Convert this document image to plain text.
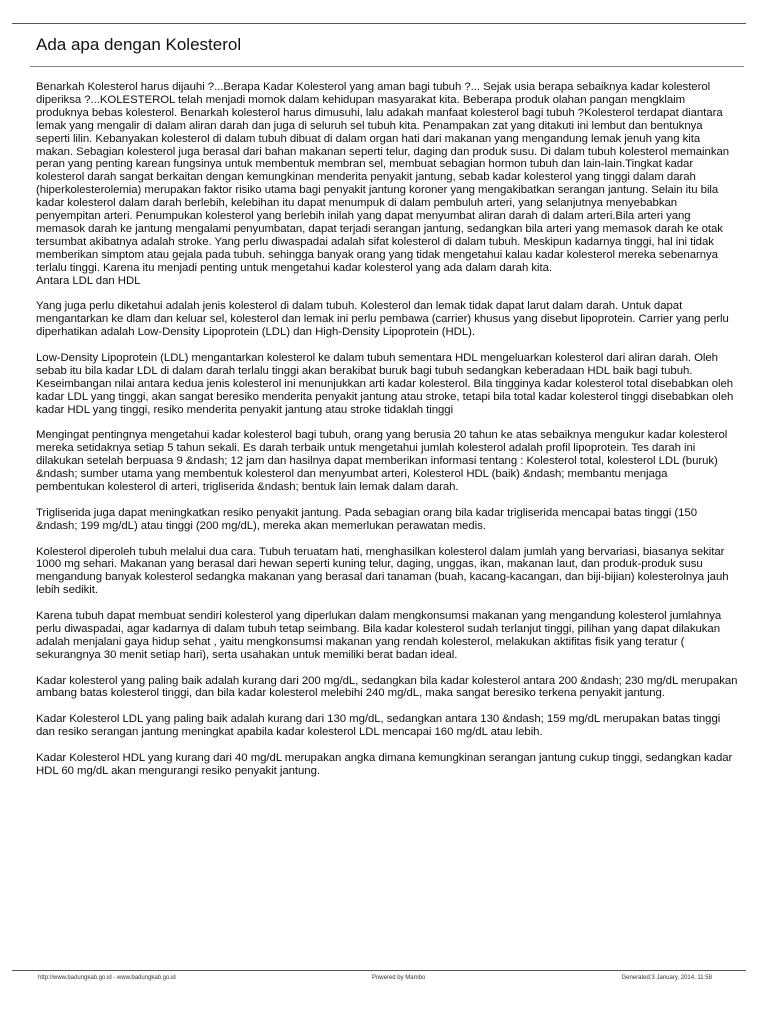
Ada apa dengan Kolesterol

Benarkah Kolesterol harus dijauhi ?...Berapa Kadar Kolesterol yang aman bagi tubuh ?... Sejak usia berapa sebaiknya kadar kolesterol diperiksa ?...KOLESTEROL telah menjadi momok dalam kehidupan masyarakat kita. Beberapa produk olahan pangan mengklaim produknya bebas kolesterol. Benarkah kolesterol harus dimusuhi, lalu adakah manfaat kolesterol bagi tubuh ?Kolesterol terdapat diantara lemak yang mengalir di dalam aliran darah dan juga di seluruh sel tubuh kita. Penampakan zat yang ditakuti ini lembut dan bentuknya seperti lilin. Kebanyakan kolesterol di dalam tubuh dibuat di dalam organ hati dari makanan yang mengandung lemak jenuh yang kita makan. Sebagian kolesterol juga berasal dari bahan makanan seperti telur, daging dan produk susu. Di dalam tubuh kolesterol memainkan peran yang penting karean fungsinya untuk membentuk membran sel, membuat sebagian hormon tubuh dan lain-lain.Tingkat kadar kolesterol darah sangat berkaitan dengan kemungkinan menderita penyakit jantung, sebab kadar kolesterol yang tinggi dalam darah (hiperkolesterolemia) merupakan faktor risiko utama bagi penyakit jantung koroner yang mengakibatkan serangan jantung. Selain itu bila kadar kolesterol dalam darah berlebih, kelebihan itu dapat menumpuk di dalam pembuluh arteri, yang selanjutnya menyebabkan penyempitan arteri. Penumpukan kolesterol yang berlebih inilah yang dapat menyumbat aliran darah di dalam arteri.Bila arteri yang memasok darah ke jantung mengalami penyumbatan, dapat terjadi serangan jantung, sedangkan bila arteri yang memasok darah ke otak tersumbat akibatnya adalah stroke. Yang perlu diwaspadai adalah sifat kolesterol di dalam tubuh. Meskipun kadarnya tinggi, hal ini tidak memberikan simptom atau gejala pada tubuh. sehingga banyak orang yang tidak mengetahui kalau kadar kolesterol mereka sebenarnya terlalu tinggi. Karena itu menjadi penting untuk mengetahui kadar kolesterol yang ada dalam darah kita.

Antara LDL dan HDL

Yang juga perlu diketahui adalah jenis kolesterol di dalam tubuh. Kolesterol dan lemak tidak dapat larut dalam darah. Untuk dapat mengantarkan ke dlam dan keluar sel, kolesterol dan lemak ini perlu pembawa (carrier) khusus yang disebut lipoprotein. Carrier yang perlu diperhatikan adalah Low-Density Lipoprotein (LDL) dan High-Density Lipoprotein (HDL).

Low-Density Lipoprotein (LDL) mengantarkan kolesterol ke dalam tubuh sementara HDL mengeluarkan kolesterol dari aliran darah. Oleh sebab itu bila kadar LDL di dalam darah terlalu tinggi akan berakibat buruk bagi tubuh sedangkan keberadaan HDL baik bagi tubuh. Keseimbangan nilai antara kedua jenis kolesterol ini menunjukkan arti kadar kolesterol. Bila tingginya kadar kolesterol total disebabkan oleh kadar LDL yang tinggi, akan sangat beresiko menderita penyakit jantung atau stroke, tetapi bila total kadar kolesterol tinggi disebabkan oleh kadar HDL yang tinggi, resiko menderita penyakit jantung atau stroke tidaklah tinggi

Mengingat pentingnya mengetahui kadar kolesterol bagi tubuh, orang yang berusia 20 tahun ke atas sebaiknya mengukur kadar kolesterol mereka setidaknya setiap 5 tahun sekali. Es darah terbaik untuk mengetahui jumlah kolesterol adalah profil lipoprotein. Tes darah ini dilakukan setelah berpuasa 9 &ndash; 12 jam dan hasilnya dapat memberikan informasi tentang : Kolesterol total, kolesterol LDL (buruk) &ndash; sumber utama yang membentuk kolesterol dan menyumbat arteri, Kolesterol HDL (baik) &ndash; membantu menjaga pembentukan kolesterol di arteri, trigliserida &ndash; bentuk lain lemak dalam darah.

Trigliserida juga dapat meningkatkan resiko penyakit jantung. Pada sebagian orang bila kadar trigliserida mencapai batas tinggi (150 &ndash; 199 mg/dL) atau tinggi (200 mg/dL), mereka akan memerlukan perawatan medis.

Kolesterol diperoleh tubuh melalui dua cara. Tubuh teruatam hati, menghasilkan kolesterol dalam jumlah yang bervariasi, biasanya sekitar 1000 mg sehari. Makanan yang berasal dari hewan seperti kuning telur, daging, unggas, ikan, makanan laut, dan produk-produk susu mengandung banyak kolesterol sedangka makanan yang berasal dari tanaman (buah, kacang-kacangan, dan biji-bijian) kolesterolnya jauh lebih sedikit.

Karena tubuh dapat membuat sendiri kolesterol yang diperlukan dalam mengkonsumsi makanan yang mengandung kolesterol jumlahnya perlu diwaspadai, agar kadarnya di dalam tubuh tetap seimbang. Bila kadar kolesterol sudah terlanjut tinggi, pilihan yang dapat dilakukan adalah menjalani gaya hidup sehat , yaitu mengkonsumsi makanan yang rendah kolesterol, melakukan aktifitas fisik yang teratur ( sekurangnya 30 menit setiap hari), serta usahakan untuk memiliki berat badan ideal.

Kadar kolesterol yang paling baik adalah kurang dari 200 mg/dL, sedangkan bila kadar kolesterol antara 200 &ndash; 230 mg/dL merupakan ambang batas kolesterol tinggi, dan bila kadar kolesterol melebihi 240 mg/dL, maka sangat beresiko terkena penyakit jantung.

Kadar Kolesterol LDL yang paling baik adalah kurang dari 130 mg/dL, sedangkan antara 130 &ndash; 159 mg/dL merupakan batas tinggi dan resiko serangan jantung meningkat apabila kadar kolesterol LDL mencapai 160 mg/dL atau lebih.

Kadar Kolesterol HDL yang kurang dari 40 mg/dL merupakan angka dimana kemungkinan serangan jantung cukup tinggi, sedangkan kadar HDL 60 mg/dL akan mengurangi resiko penyakit jantung.

http://www.badungkab.go.id - www.badungkab.go.id	Powered by Mambo	Generated:3 January, 2014, 11:58
